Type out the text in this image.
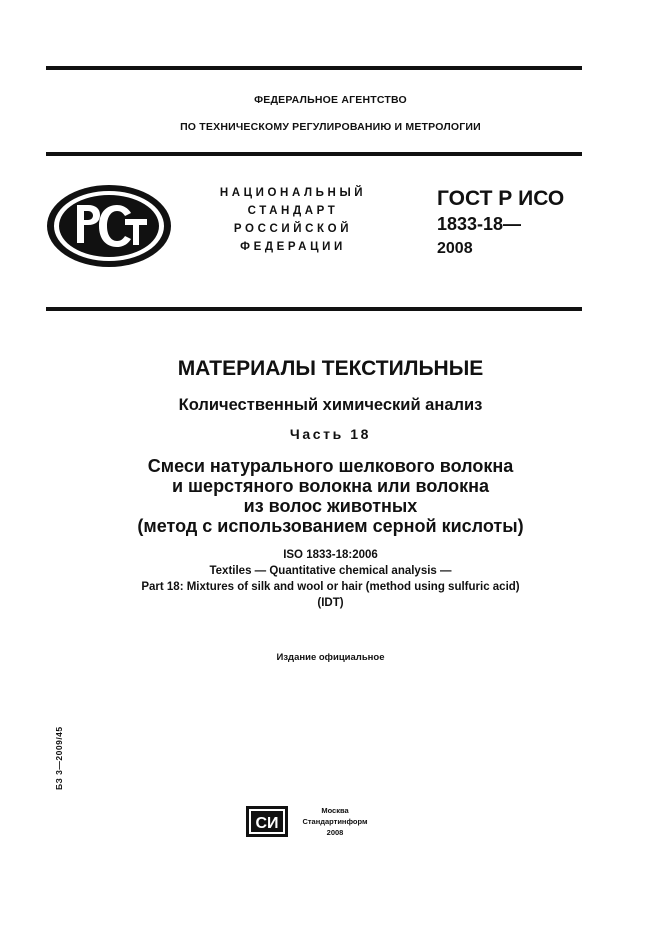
ФЕДЕРАЛЬНОЕ АГЕНТСТВО
ПО ТЕХНИЧЕСКОМУ РЕГУЛИРОВАНИЮ И МЕТРОЛОГИИ
НАЦИОНАЛЬНЫЙ
СТАНДАРТ
РОССИЙСКОЙ
ФЕДЕРАЦИИ
ГОСТ Р ИСО
1833-18—
2008
МАТЕРИАЛЫ ТЕКСТИЛЬНЫЕ
Количественный химический анализ
Часть 18
Смеси натурального шелкового волокна
и шерстяного волокна или волокна
из волос животных
(метод с использованием серной кислоты)
ISO 1833-18:2006
Textiles — Quantitative chemical analysis —
Part 18: Mixtures of silk and wool or hair (method using sulfuric acid)
(IDT)
Издание официальное
БЗ 3—2009/45
СИ
Москва
Стандартинформ
2008
